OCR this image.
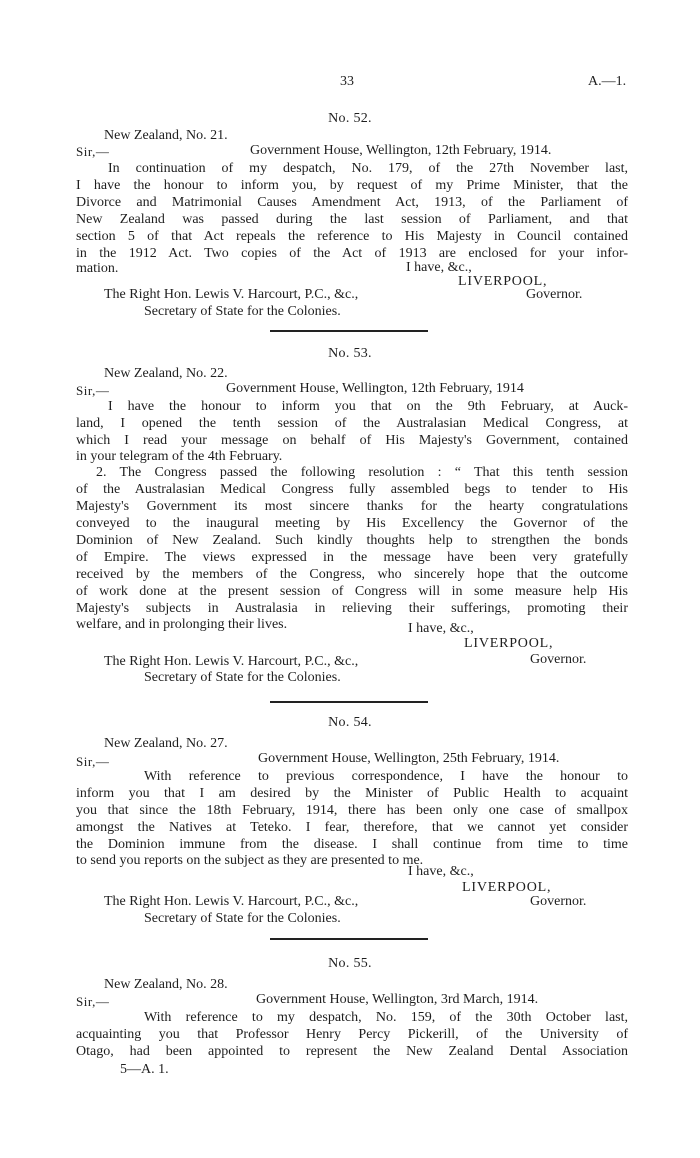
33	A.—1.
No. 52.
New Zealand, No. 21.
Sir,—	Government House, Wellington, 12th February, 1914.
In continuation of my despatch, No. 179, of the 27th November last,
I have the honour to inform you, by request of my Prime Minister, that the
Divorce and Matrimonial Causes Amendment Act, 1913, of the Parliament of
New Zealand was passed during the last session of Parliament, and that
section 5 of that Act repeals the reference to His Majesty in Council contained
in the 1912 Act. Two copies of the Act of 1913 are enclosed for your infor-
mation.	I have, &c.,
LIVERPOOL,
Governor.
The Right Hon. Lewis V. Harcourt, P.C., &c.,
Secretary of State for the Colonies.
No. 53.
New Zealand, No. 22.
Sir,—	Government House, Wellington, 12th February, 1914
I have the honour to inform you that on the 9th February, at Auck-
land, I opened the tenth session of the Australasian Medical Congress, at
which I read your message on behalf of His Majesty's Government, contained
in your telegram of the 4th February.
2. The Congress passed the following resolution : “ That this tenth session
of the Australasian Medical Congress fully assembled begs to tender to His
Majesty's Government its most sincere thanks for the hearty congratulations
conveyed to the inaugural meeting by His Excellency the Governor of the
Dominion of New Zealand. Such kindly thoughts help to strengthen the bonds
of Empire. The views expressed in the message have been very gratefully
received by the members of the Congress, who sincerely hope that the outcome
of work done at the present session of Congress will in some measure help His
Majesty's subjects in Australasia in relieving their sufferings, promoting their
welfare, and in prolonging their lives.	I have, &c.,
LIVERPOOL,
Governor.
The Right Hon. Lewis V. Harcourt, P.C., &c.,
Secretary of State for the Colonies.
No. 54.
New Zealand, No. 27.
Sir,—	Government House, Wellington, 25th February, 1914.
With reference to previous correspondence, I have the honour to
inform you that I am desired by the Minister of Public Health to acquaint
you that since the 18th February, 1914, there has been only one case of smallpox
amongst the Natives at Teteko. I fear, therefore, that we cannot yet consider
the Dominion immune from the disease. I shall continue from time to time
to send you reports on the subject as they are presented to me.
I have, &c.,
LIVERPOOL,
Governor.
The Right Hon. Lewis V. Harcourt, P.C., &c.,
Secretary of State for the Colonies.
No. 55.
New Zealand, No. 28.
Sir,—	Government House, Wellington, 3rd March, 1914.
With reference to my despatch, No. 159, of the 30th October last,
acquainting you that Professor Henry Percy Pickerill, of the University of
Otago, had been appointed to represent the New Zealand Dental Association
5—A. 1.
